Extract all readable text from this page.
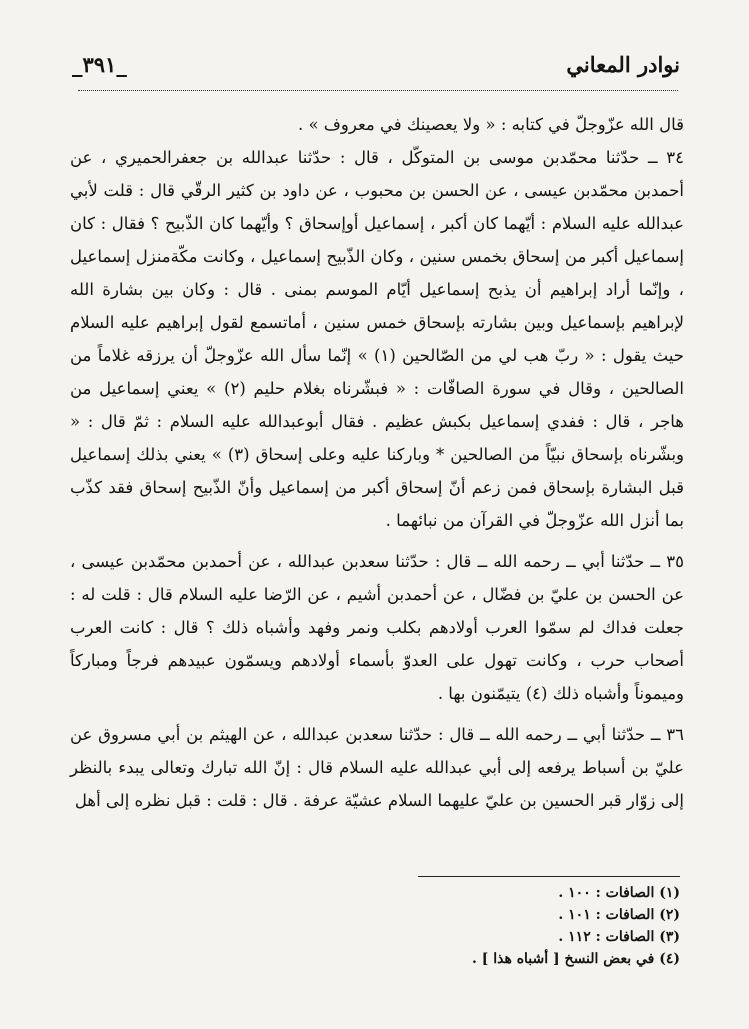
نوادر المعاني
_٣٩١_

قال الله عزّوجلّ في كتابه : « ولا يعصينك في معروف » .

٣٤ ــ حدّثنا محمّدبن موسى بن المتوكّل ، قال : حدّثنا عبدالله بن جعفرالحميري ، عن أحمدبن محمّدبن عيسى ، عن الحسن بن محبوب ، عن داود بن كثير الرقّي قال : قلت لأبي عبدالله عليه السلام : أيّهما كان أكبر ، إسماعيل أوإسحاق ؟ وأيّهما كان الذّبيح ؟ فقال : كان إسماعيل أكبر من إسحاق بخمس سنين ، وكان الذّبيح إسماعيل ، وكانت مكّةمنزل إسماعيل ، وإنّما أراد إبراهيم أن يذبح إسماعيل أيّام الموسم بمنى . قال : وكان بين بشارة الله لإبراهيم بإسماعيل وبين بشارته بإسحاق خمس سنين ، أماتسمع لقول إبراهيم عليه السلام حيث يقول : « ربّ هب لي من الصّالحين (١) » إنّما سأل الله عزّوجلّ أن يرزقه غلاماً من الصالحين ، وقال في سورة الصافّات : « فبشّرناه بغلام حليم (٢) » يعني إسماعيل من هاجر ، قال : ففدي إسماعيل بكبش عظيم . فقال أبوعبدالله عليه السلام : ثمّ قال : « وبشّرناه بإسحاق نبيّاً من الصالحين * وباركنا عليه وعلى إسحاق (٣) » يعني بذلك إسماعيل قبل البشارة بإسحاق فمن زعم أنّ إسحاق أكبر من إسماعيل وأنّ الذّبيح إسحاق فقد كذّب بما أنزل الله عزّوجلّ في القرآن من نبائهما .

٣٥ ــ حدّثنا أبي ــ رحمه الله ــ قال : حدّثنا سعدبن عبدالله ، عن أحمدبن محمّدبن عيسى ، عن الحسن بن عليّ بن فضّال ، عن أحمدبن أشيم ، عن الرّضا عليه السلام قال : قلت له : جعلت فداك لم سمّوا العرب أولادهم بكلب ونمر وفهد وأشباه ذلك ؟ قال : كانت العرب أصحاب حرب ، وكانت تهول على العدوّ بأسماء أولادهم ويسمّون عبيدهم فرجاً ومباركاً وميموناً وأشباه ذلك (٤) يتيمّنون بها .

٣٦ ــ حدّثنا أبي ــ رحمه الله ــ قال : حدّثنا سعدبن عبدالله ، عن الهيثم بن أبي مسروق عن عليّ بن أسباط يرفعه إلى أبي عبدالله عليه السلام قال : إنّ الله تبارك وتعالى يبدء بالنظر إلى زوّار قبر الحسين بن عليّ عليهما السلام عشيّة عرفة . قال : قلت : قبل نظره إلى أهل

(١) الصافات : ١٠٠ .
(٢) الصافات : ١٠١ .
(٣) الصافات : ١١٢ .
(٤) في بعض النسخ [ أشباه هذا ] .
